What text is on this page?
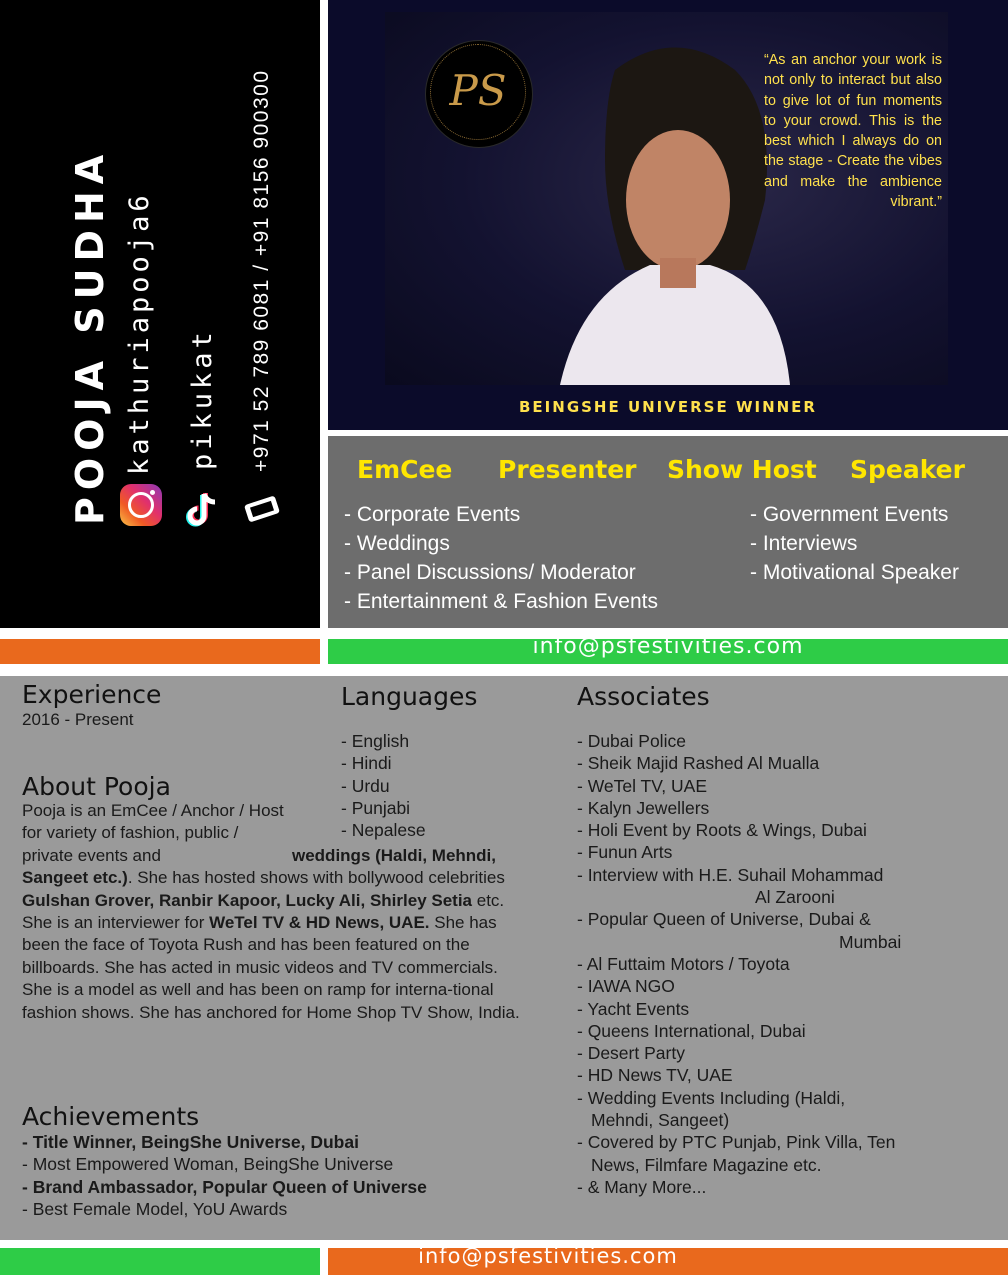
POOJA SUDHA kathuriapooja6 pikukat +971 52 789 6081 / +91 8156 900300	PS
“As an anchor your work is not only to interact but also to give lot of fun moments to your crowd. This is the best which I always do on the stage - Create the vibes and make the ambience vibrant.”
BEINGSHE UNIVERSE WINNER
EmCee Presenter Show Host Speaker
- Corporate Events
- Weddings
- Panel Discussions/ Moderator
- Entertainment & Fashion Events
- Government Events
- Interviews
- Motivational Speaker
info@psfestivities.com
Experience
2016 - Present
Languages
- English
- Hindi
- Urdu
- Punjabi
- Nepalese
About Pooja
Pooja is an EmCee / Anchor / Host for variety of fashion, public / private events and	weddings (Haldi, Mehndi, Sangeet etc.). She has hosted shows with bollywood celebrities Gulshan Grover, Ranbir Kapoor, Lucky Ali, Shirley Setia etc. She is an interviewer for WeTel TV & HD News, UAE. She has been the face of Toyota Rush and has been featured on the billboards. She has acted in music videos and TV commercials. She is a model as well and has been on ramp for interna-tional fashion shows. She has anchored for Home Shop TV Show, India.
Achievements
- Title Winner, BeingShe Universe, Dubai
- Most Empowered Woman, BeingShe Universe
- Brand Ambassador, Popular Queen of Universe
- Best Female Model, YoU Awards
Associates
- Dubai Police
- Sheik Majid Rashed Al Mualla
- WeTel TV, UAE
- Kalyn Jewellers
- Holi Event by Roots & Wings, Dubai
- Funun Arts
- Interview with H.E. Suhail Mohammad
Al Zarooni
- Popular Queen of Universe, Dubai &
Mumbai
- Al Futtaim Motors / Toyota
- IAWA NGO
- Yacht Events
- Queens International, Dubai
- Desert Party
- HD News TV, UAE
- Wedding Events Including (Haldi,
Mehndi, Sangeet)
- Covered by PTC Punjab, Pink Villa, Ten
News, Filmfare Magazine etc.
- & Many More...
info@psfestivities.com
